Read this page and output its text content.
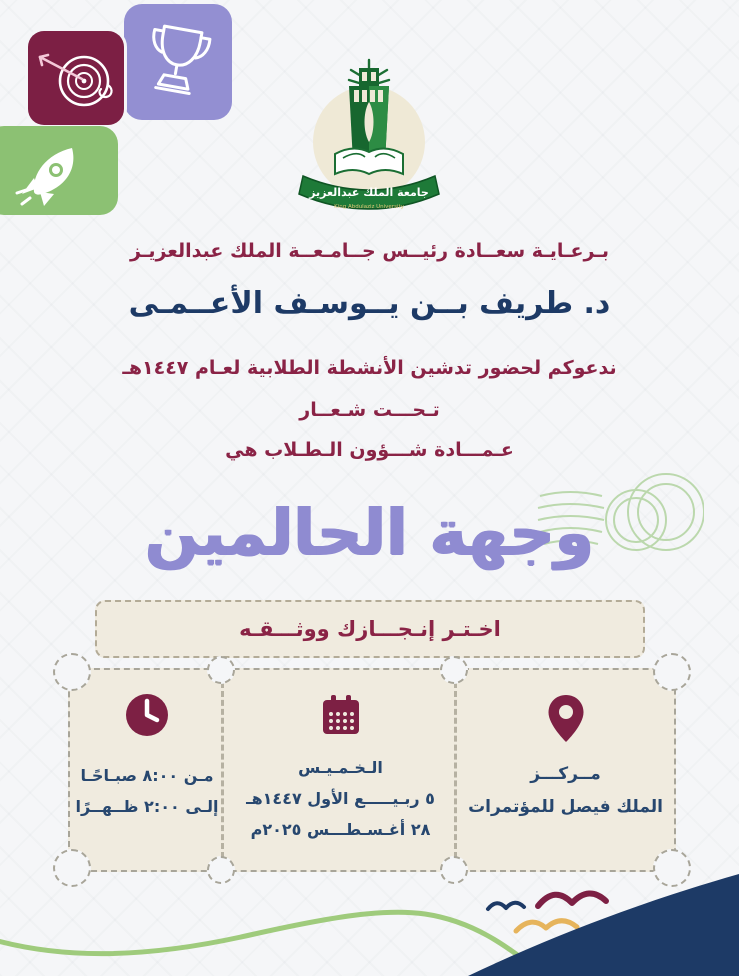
جامعة الملك عبدالعزيز
King Abdulaziz University
بـرعـايـة سعــادة رئيــس جــامـعــة الملك عبدالعزيـز
د. طريف بــن يــوسـف الأعــمـى
ندعوكم لحضور تدشين الأنشطة الطلابية لعـام ١٤٤٧هـ
تـحـــت شـعــار
عـمـــادة شـــؤون الـطـلاب هي
وجهة الحالمين
اخـتـر إنـجـــازك ووثـــقـه
مــركـــز
الملك فيصل للمؤتمرات
الـخـمـيـس
٥ ربـيـــــع الأول ١٤٤٧هـ
٢٨ أغـسـطـــس ٢٠٢٥م
مـن ٨:٠٠ صبـاحًـا
إلـى ٢:٠٠ ظــهــرًا
